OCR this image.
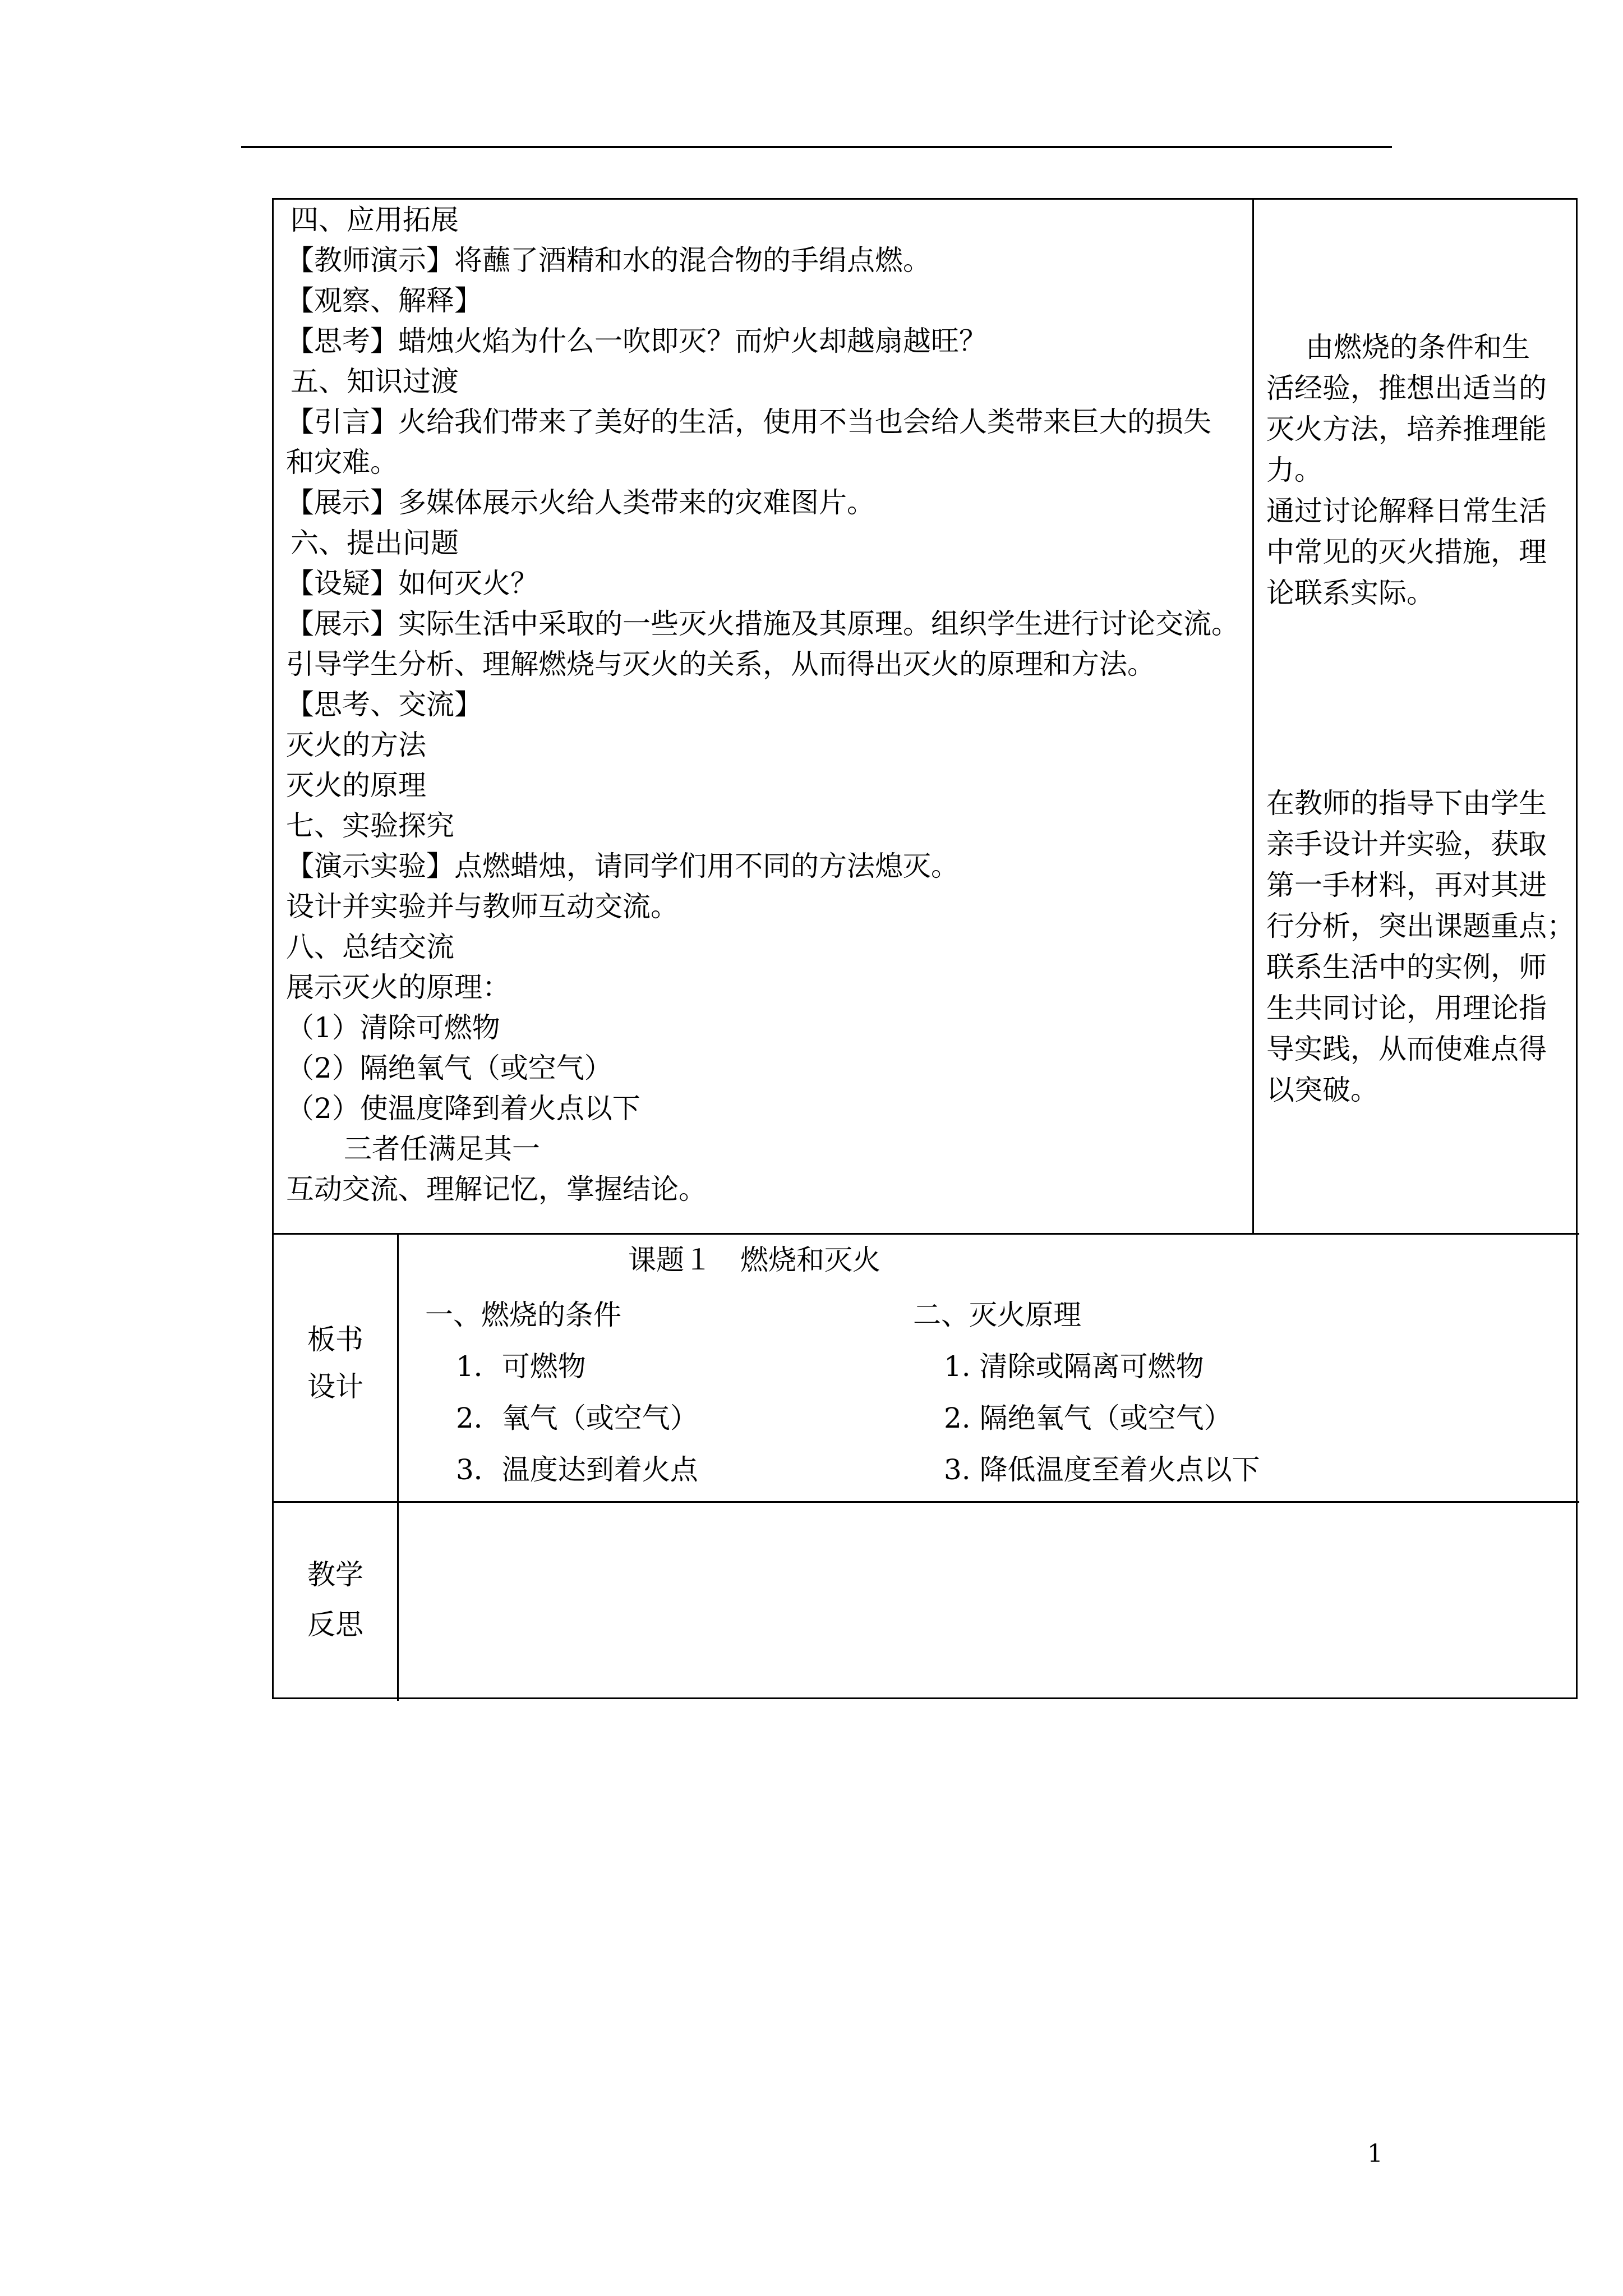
四、应用拓展
【教师演示】将蘸了酒精和水的混合物的手绢点燃。
【观察、解释】
【思考】蜡烛火焰为什么一吹即灭？而炉火却越扇越旺？
五、知识过渡
【引言】火给我们带来了美好的生活，使用不当也会给人类带来巨大的损失
和灾难。
【展示】多媒体展示火给人类带来的灾难图片。
六、提出问题
【设疑】如何灭火？
【展示】实际生活中采取的一些灭火措施及其原理。组织学生进行讨论交流。
引导学生分析、理解燃烧与灭火的关系，从而得出灭火的原理和方法。
【思考、交流】
灭火的方法
灭火的原理
七、实验探究
【演示实验】点燃蜡烛，请同学们用不同的方法熄灭。
设计并实验并与教师互动交流。
八、总结交流
展示灭火的原理：
（1）清除可燃物
（2）隔绝氧气（或空气）
（2）使温度降到着火点以下
三者任满足其一
互动交流、理解记忆，掌握结论。
由燃烧的条件和生
活经验，推想出适当的
灭火方法，培养推理能
力。
通过讨论解释日常生活
中常见的灭火措施，理
论联系实际。
在教师的指导下由学生
亲手设计并实验，获取
第一手材料，再对其进
行分析，突出课题重点；
联系生活中的实例，师
生共同讨论，用理论指
导实践，从而使难点得
以突破。
板书
设计
课题１　燃烧和灭火
一、燃烧的条件
1．可燃物
2．氧气（或空气）
3．温度达到着火点
二、灭火原理
1. 清除或隔离可燃物
2. 隔绝氧气（或空气）
3. 降低温度至着火点以下
教学
反思
1
